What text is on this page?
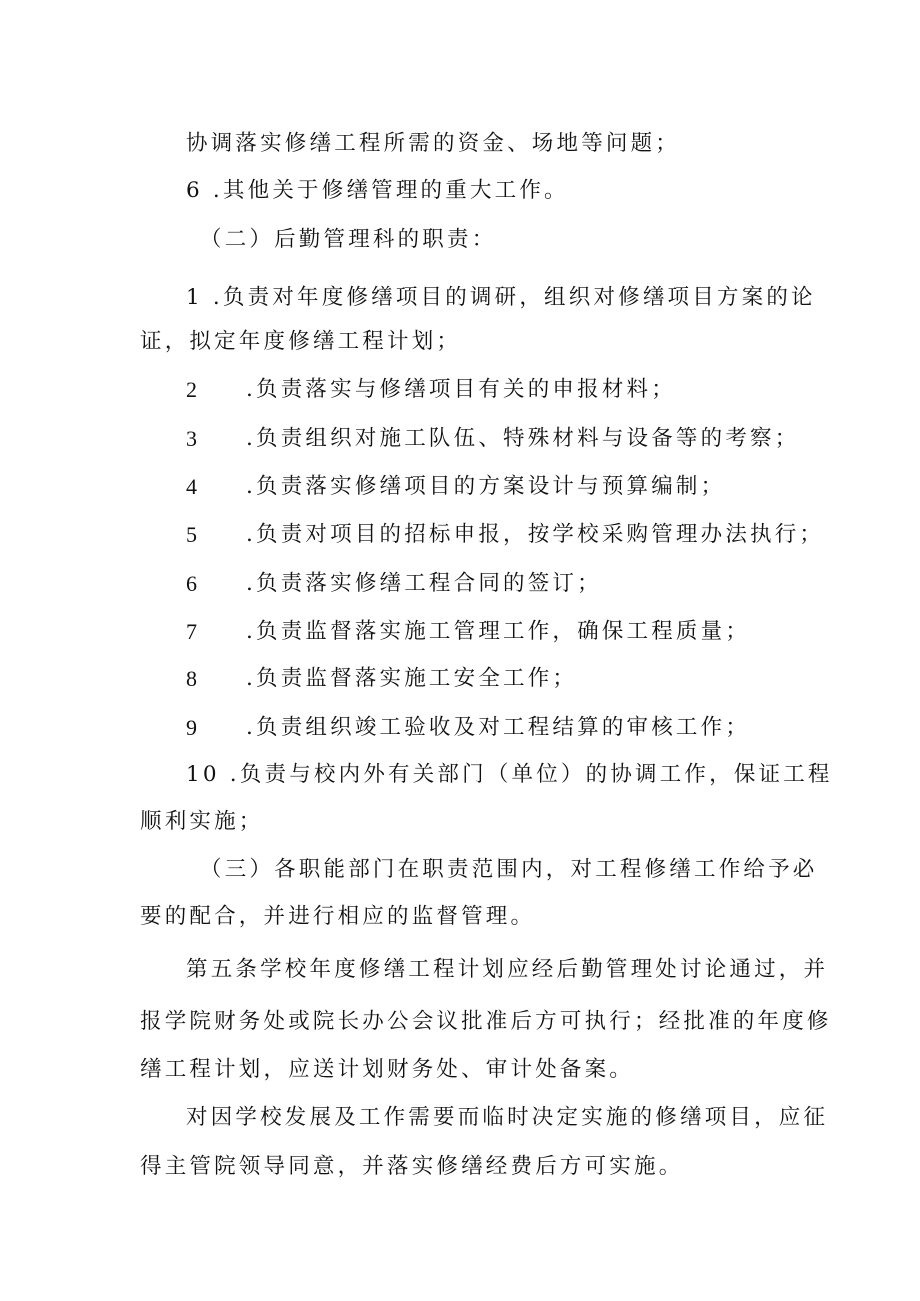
协调落实修缮工程所需的资金、场地等问题；
6 .其他关于修缮管理的重大工作。
（二）后勤管理科的职责：
1 .负责对年度修缮项目的调研，组织对修缮项目方案的论
证，拟定年度修缮工程计划；
2	.负责落实与修缮项目有关的申报材料；
3	.负责组织对施工队伍、特殊材料与设备等的考察；
4	.负责落实修缮项目的方案设计与预算编制；
5	.负责对项目的招标申报，按学校采购管理办法执行；
6	.负责落实修缮工程合同的签订；
7	.负责监督落实施工管理工作，确保工程质量；
8	.负责监督落实施工安全工作；
9	.负责组织竣工验收及对工程结算的审核工作；
10 .负责与校内外有关部门（单位）的协调工作，保证工程
顺利实施；
（三）各职能部门在职责范围内，对工程修缮工作给予必
要的配合，并进行相应的监督管理。
第五条学校年度修缮工程计划应经后勤管理处讨论通过，并
报学院财务处或院长办公会议批准后方可执行；经批准的年度修
缮工程计划，应送计划财务处、审计处备案。
对因学校发展及工作需要而临时决定实施的修缮项目，应征
得主管院领导同意，并落实修缮经费后方可实施。
